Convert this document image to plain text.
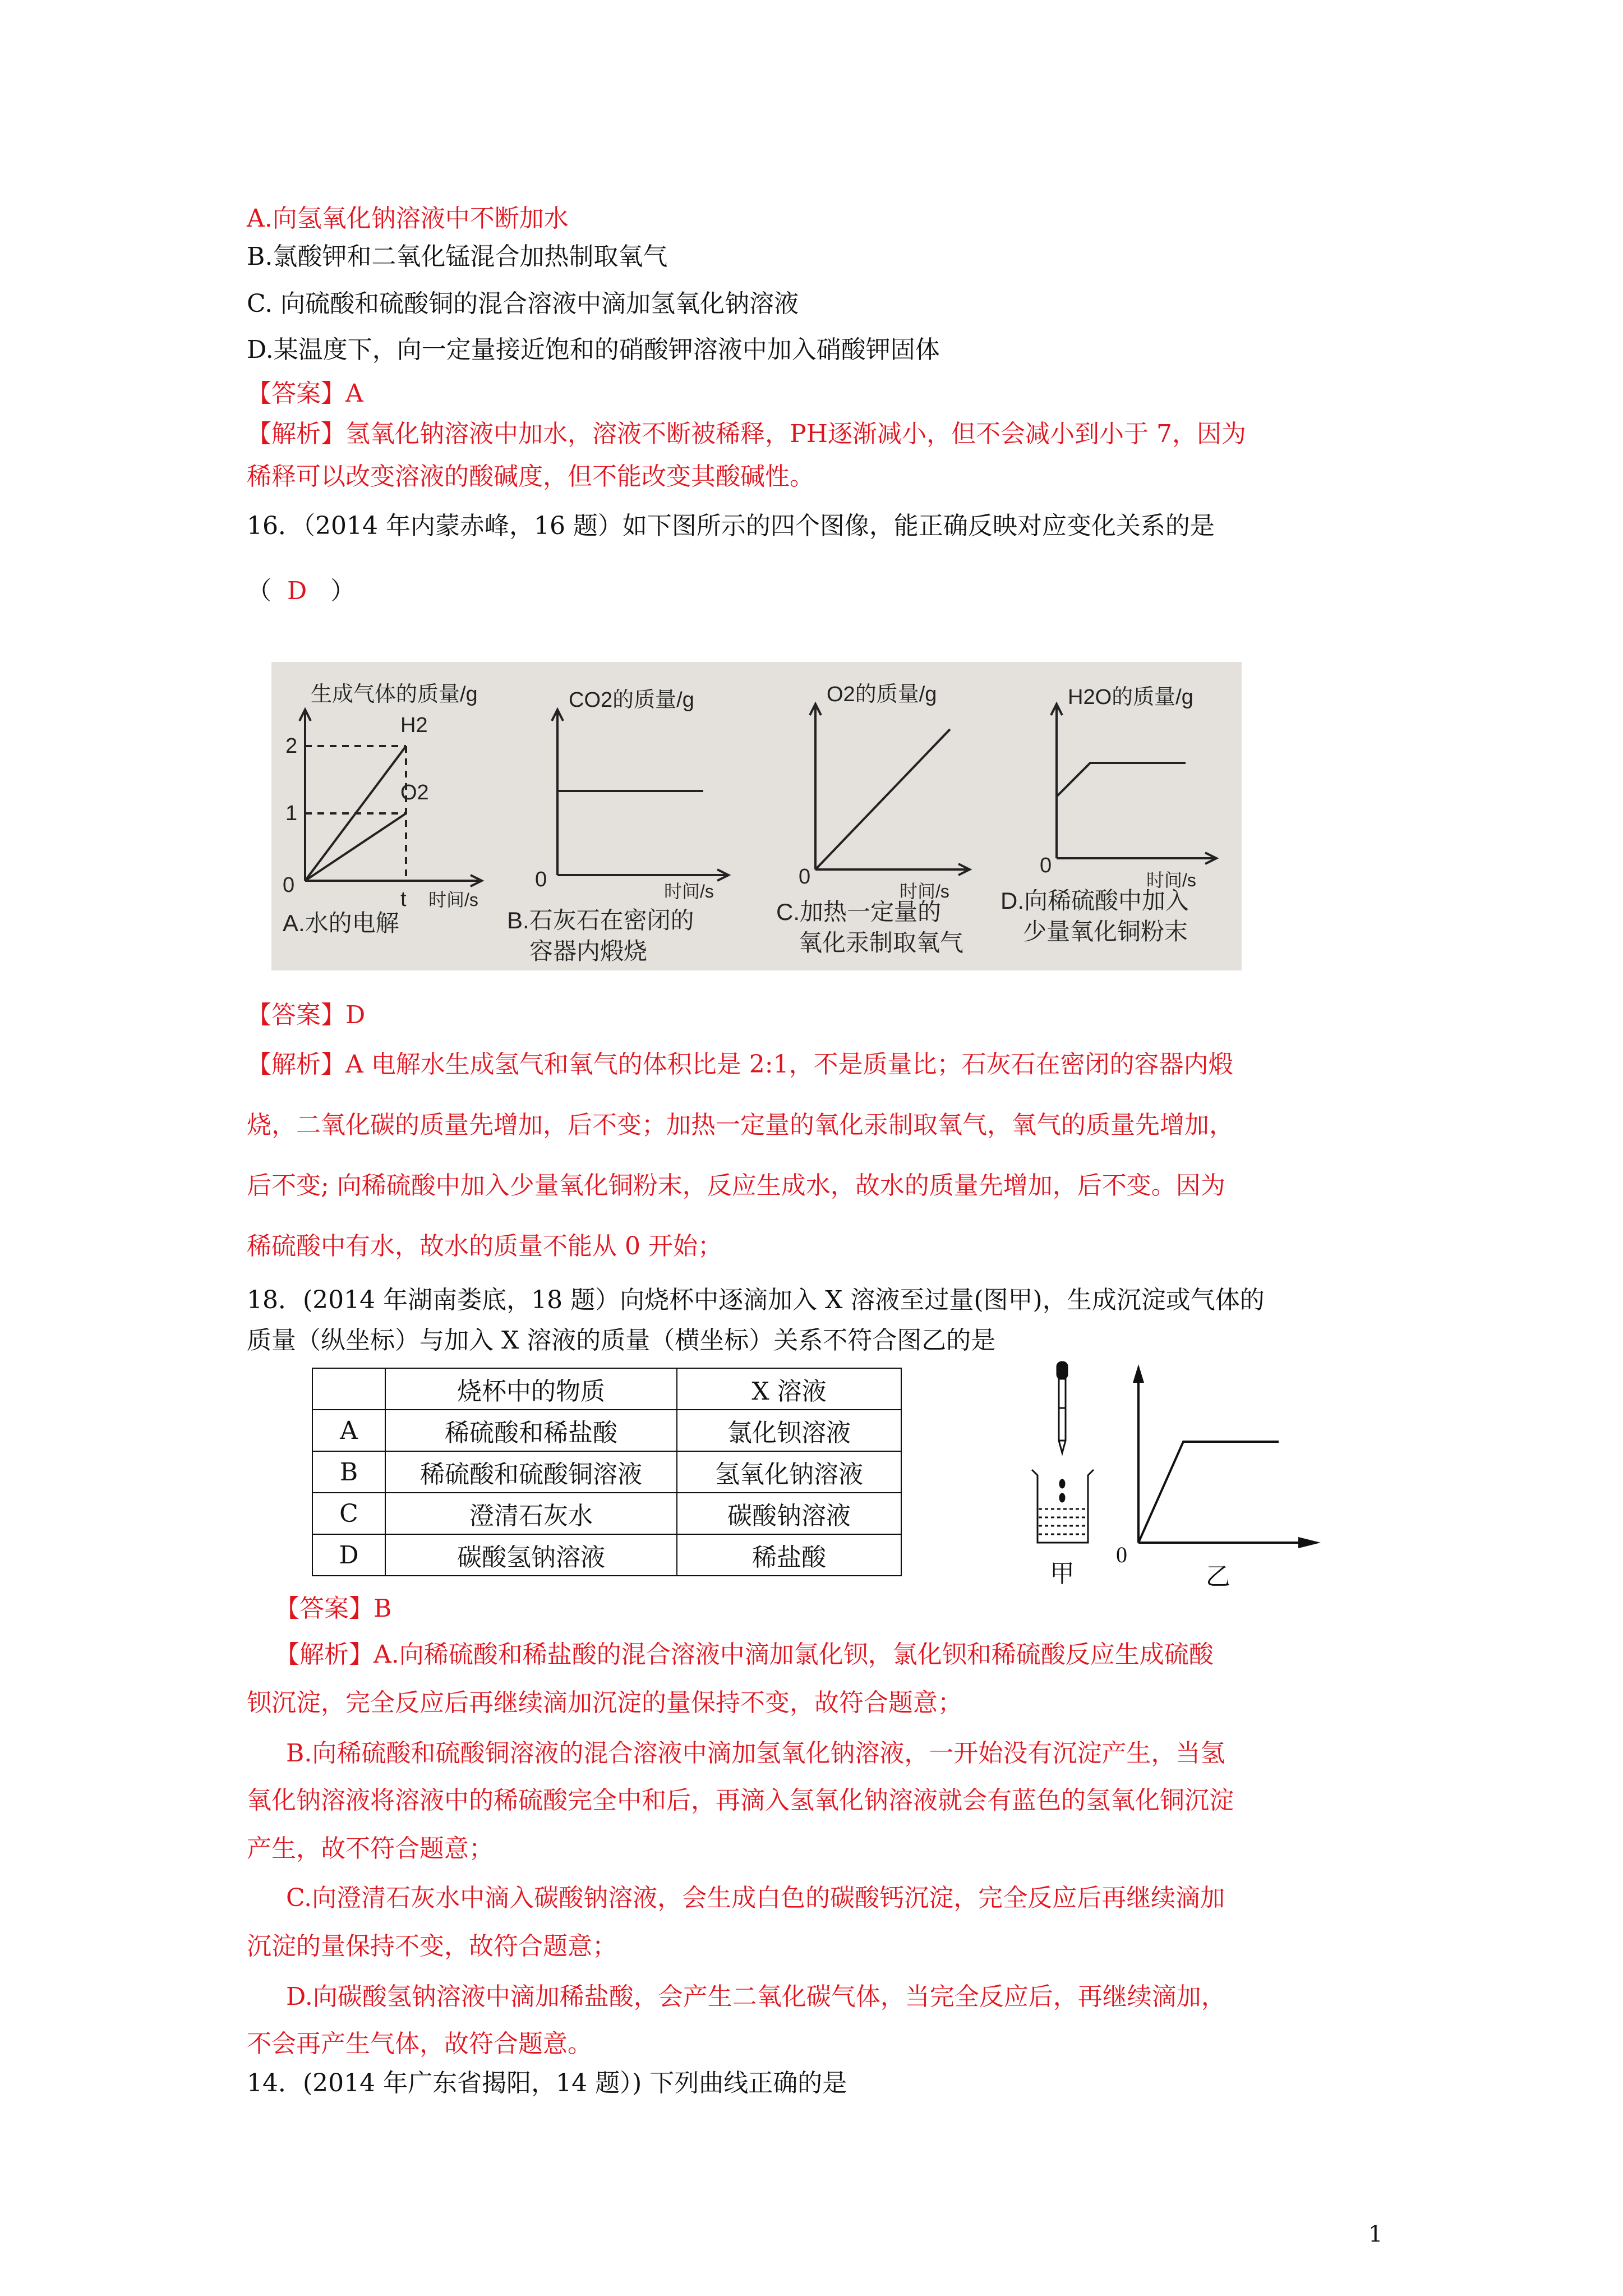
A.向氢氧化钠溶液中不断加水
B.氯酸钾和二氧化锰混合加热制取氧气
C. 向硫酸和硫酸铜的混合溶液中滴加氢氧化钠溶液
D.某温度下，向一定量接近饱和的硝酸钾溶液中加入硝酸钾固体
【答案】A
【解析】氢氧化钠溶液中加水，溶液不断被稀释，PH逐渐减小，但不会减小到小于 7，因为
稀释可以改变溶液的酸碱度，但不能改变其酸碱性。
16．（2014 年内蒙赤峰，16 题）如下图所示的四个图像，能正确反映对应变化关系的是
（ D ）
生成气体的质量/g
H2
O2
2
1
0
t 时间/s
A.水的电解
CO2的质量/g
0	时间/s
B.石灰石在密闭的
容器内煅烧
O2的质量/g
0
时间/s
C.加热一定量的
氧化汞制取氧气
H2O的质量/g
0
时间/s
D.向稀硫酸中加入
少量氧化铜粉末
【答案】D
【解析】A 电解水生成氢气和氧气的体积比是 2:1，不是质量比；石灰石在密闭的容器内煅
烧，二氧化碳的质量先增加，后不变；加热一定量的氧化汞制取氧气，氧气的质量先增加，
后不变; 向稀硫酸中加入少量氧化铜粉末，反应生成水，故水的质量先增加，后不变。因为
稀硫酸中有水，故水的质量不能从 0 开始；
18．(2014 年湖南娄底，18 题）向烧杯中逐滴加入 X 溶液至过量(图甲)，生成沉淀或气体的
质量（纵坐标）与加入 X 溶液的质量（横坐标）关系不符合图乙的是
	烧杯中的物质	X 溶液
A	稀硫酸和稀盐酸	氯化钡溶液
B	稀硫酸和硫酸铜溶液	氢氧化钠溶液
C	澄清石灰水	碳酸钠溶液
D	碳酸氢钠溶液	稀盐酸
甲
0
乙
【答案】B
【解析】A.向稀硫酸和稀盐酸的混合溶液中滴加氯化钡，氯化钡和稀硫酸反应生成硫酸
钡沉淀，完全反应后再继续滴加沉淀的量保持不变，故符合题意；
B.向稀硫酸和硫酸铜溶液的混合溶液中滴加氢氧化钠溶液，一开始没有沉淀产生，当氢
氧化钠溶液将溶液中的稀硫酸完全中和后，再滴入氢氧化钠溶液就会有蓝色的氢氧化铜沉淀
产生，故不符合题意；
C.向澄清石灰水中滴入碳酸钠溶液，会生成白色的碳酸钙沉淀，完全反应后再继续滴加
沉淀的量保持不变，故符合题意；
D.向碳酸氢钠溶液中滴加稀盐酸，会产生二氧化碳气体，当完全反应后，再继续滴加，
不会再产生气体，故符合题意。
14．(2014 年广东省揭阳，14 题）) 下列曲线正确的是
1
